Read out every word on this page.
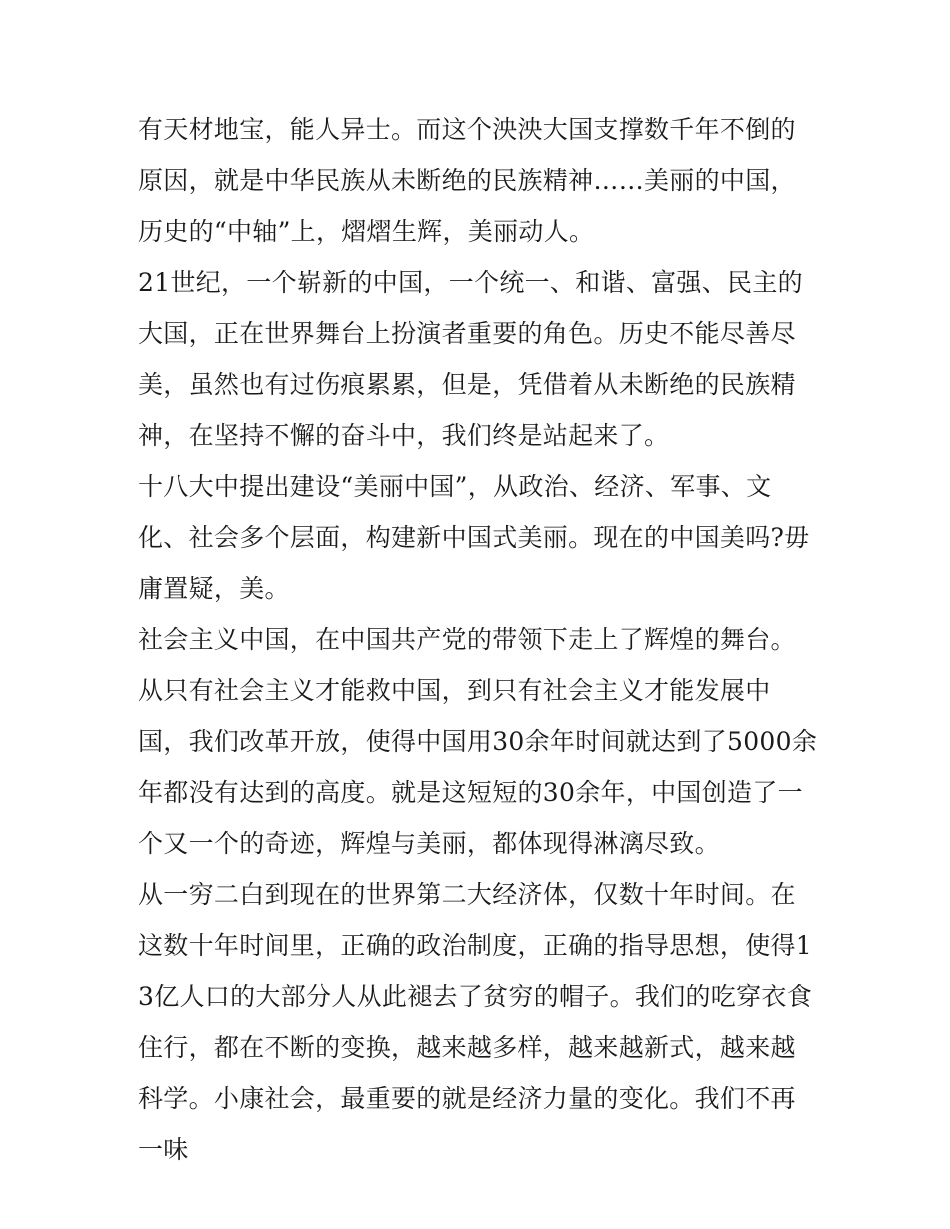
有天材地宝，能人异士。而这个泱泱大国支撑数千年不倒的原因，就是中华民族从未断绝的民族精神……美丽的中国，历史的“中轴”上，熠熠生辉，美丽动人。

21世纪，一个崭新的中国，一个统一、和谐、富强、民主的大国，正在世界舞台上扮演者重要的角色。历史不能尽善尽美，虽然也有过伤痕累累，但是，凭借着从未断绝的民族精神，在坚持不懈的奋斗中，我们终是站起来了。

十八大中提出建设“美丽中国”，从政治、经济、军事、文化、社会多个层面，构建新中国式美丽。现在的中国美吗?毋庸置疑，美。

社会主义中国，在中国共产党的带领下走上了辉煌的舞台。从只有社会主义才能救中国，到只有社会主义才能发展中国，我们改革开放，使得中国用30余年时间就达到了5000余年都没有达到的高度。就是这短短的30余年，中国创造了一个又一个的奇迹，辉煌与美丽，都体现得淋漓尽致。

从一穷二白到现在的世界第二大经济体，仅数十年时间。在这数十年时间里，正确的政治制度，正确的指导思想，使得13亿人口的大部分人从此褪去了贫穷的帽子。我们的吃穿衣食住行，都在不断的变换，越来越多样，越来越新式，越来越科学。小康社会，最重要的就是经济力量的变化。我们不再一味
